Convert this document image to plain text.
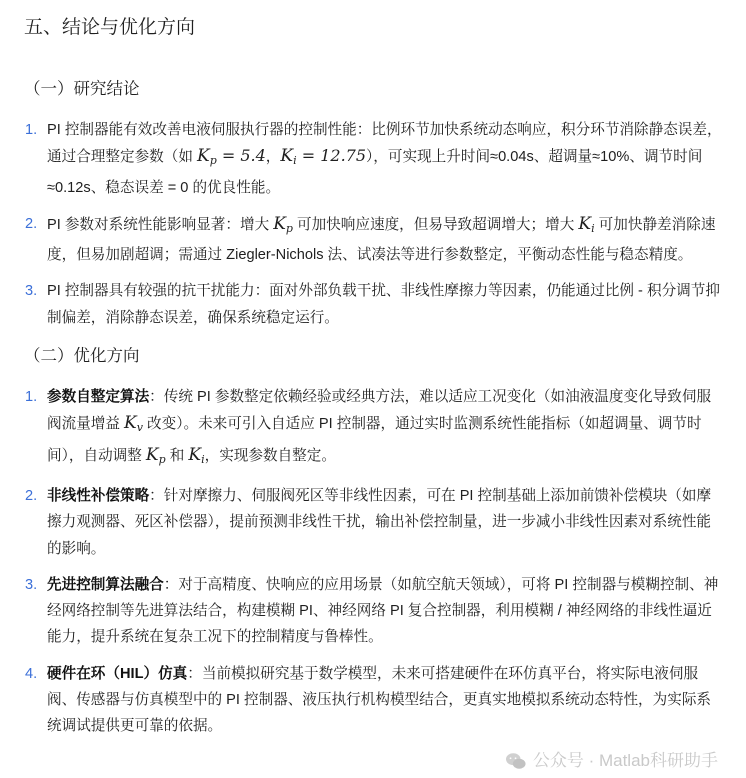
五、结论与优化方向
（一）研究结论
1. PI 控制器能有效改善电液伺服执行器的控制性能：比例环节加快系统动态响应，积分环节消除静态误差，通过合理整定参数（如 $K_p = 5.4$，$K_i = 12.75$），可实现上升时间≈0.04s、超调量≈10%、调节时间≈0.12s、稳态误差 = 0 的优良性能。
2. PI 参数对系统性能影响显著：增大 $K_p$ 可加快响应速度，但易导致超调增大；增大 $K_i$ 可加快静差消除速度，但易加剧超调；需通过 Ziegler-Nichols 法、试凑法等进行参数整定，平衡动态性能与稳态精度。
3. PI 控制器具有较强的抗干扰能力：面对外部负载干扰、非线性摩擦力等因素，仍能通过比例 - 积分调节抑制偏差，消除静态误差，确保系统稳定运行。
（二）优化方向
1. 参数自整定算法：传统 PI 参数整定依赖经验或经典方法，难以适应工况变化（如油液温度变化导致伺服阀流量增益 $K_v$ 改变）。未来可引入自适应 PI 控制器，通过实时监测系统性能指标（如超调量、调节时间），自动调整 $K_p$ 和 $K_i$，实现参数自整定。
2. 非线性补偿策略：针对摩擦力、伺服阀死区等非线性因素，可在 PI 控制基础上添加前馈补偿模块（如摩擦力观测器、死区补偿器），提前预测非线性干扰，输出补偿控制量，进一步减小非线性因素对系统性能的影响。
3. 先进控制算法融合：对于高精度、快响应的应用场景（如航空航天领域），可将 PI 控制器与模糊控制、神经网络控制等先进算法结合，构建模糊 PI、神经网络 PI 复合控制器，利用模糊 / 神经网络的非线性逼近能力，提升系统在复杂工况下的控制精度与鲁棒性。
4. 硬件在环（HIL）仿真：当前模拟研究基于数学模型，未来可搭建硬件在环仿真平台，将实际电液伺服阀、传感器与仿真模型中的 PI 控制器、液压执行机构模型结合，更真实地模拟系统动态特性，为实际系统调试提供更可靠的依据。
公众号 · Matlab科研助手
